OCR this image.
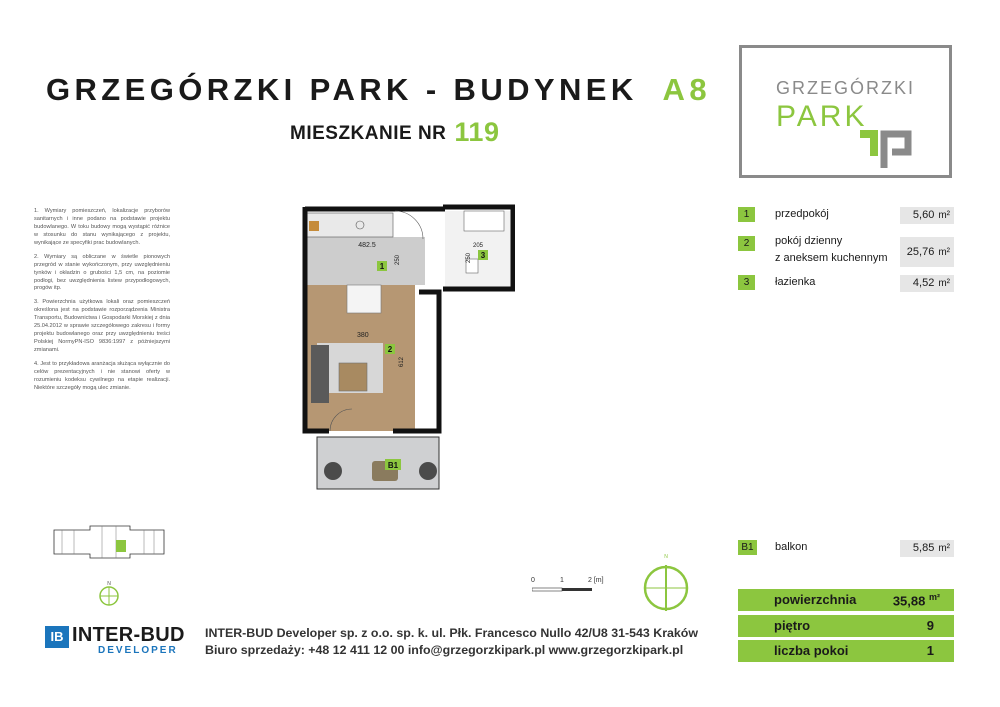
GRZEGÓRZKI PARK - BUDYNEK A8
MIESZKANIE NR 119
GRZEGÓRZKI
PARK

1. Wymiary pomieszczeń, lokalizacje przyborów sanitarnych i inne podano na podstawie projektu budowlanego. W toku budowy mogą wystąpić różnice w stosunku do stanu wynikającego z projektu, wynikające ze specyfiki prac budowlanych.

2. Wymiary są obliczane w świetle pionowych przegród w stanie wykończonym, przy uwzględnieniu tynków i okładzin o grubości 1,5 cm, na poziomie podłogi, bez uwzględnienia listew przypodłogowych, progów itp.

3. Powierzchnia użytkowa lokali oraz pomieszczeń określona jest na podstawie rozporządzenia Ministra Transportu, Budownictwa i Gospodarki Morskiej z dnia 25.04.2012 w sprawie szczegółowego zakresu i formy projektu budowlanego oraz przy uwzględnieniu treści Polskiej NormyPN-ISO 9836:1997 z późniejszymi zmianami.

4. Jest to przykładowa aranżacja służąca wyłącznie do celów prezentacyjnych i nie stanowi oferty w rozumieniu kodeksu cywilnego na etapie realizacji. Niektóre szczegóły mogą ulec zmianie.

482.5
250
380
612
1
2
B1
205
250 3
N	0	1	2 [m]
N
1	przedpokój	5,60 m²
2	pokój dzienny
z aneksem kuchennym	25,76 m²
3	łazienka	4,52 m²
B1	balkon	5,85 m²
powierzchnia	35,88 $^{m^2}$
piętro	9
liczba pokoi	1
IB INTER-BUD
DEVELOPER
INTER-BUD Developer sp. z o.o. sp. k. ul. Płk. Francesco Nullo 42/U8 31-543 Kraków
Biuro sprzedaży: +48 12 411 12 00 info@grzegorzkipark.pl www.grzegorzkipark.pl
